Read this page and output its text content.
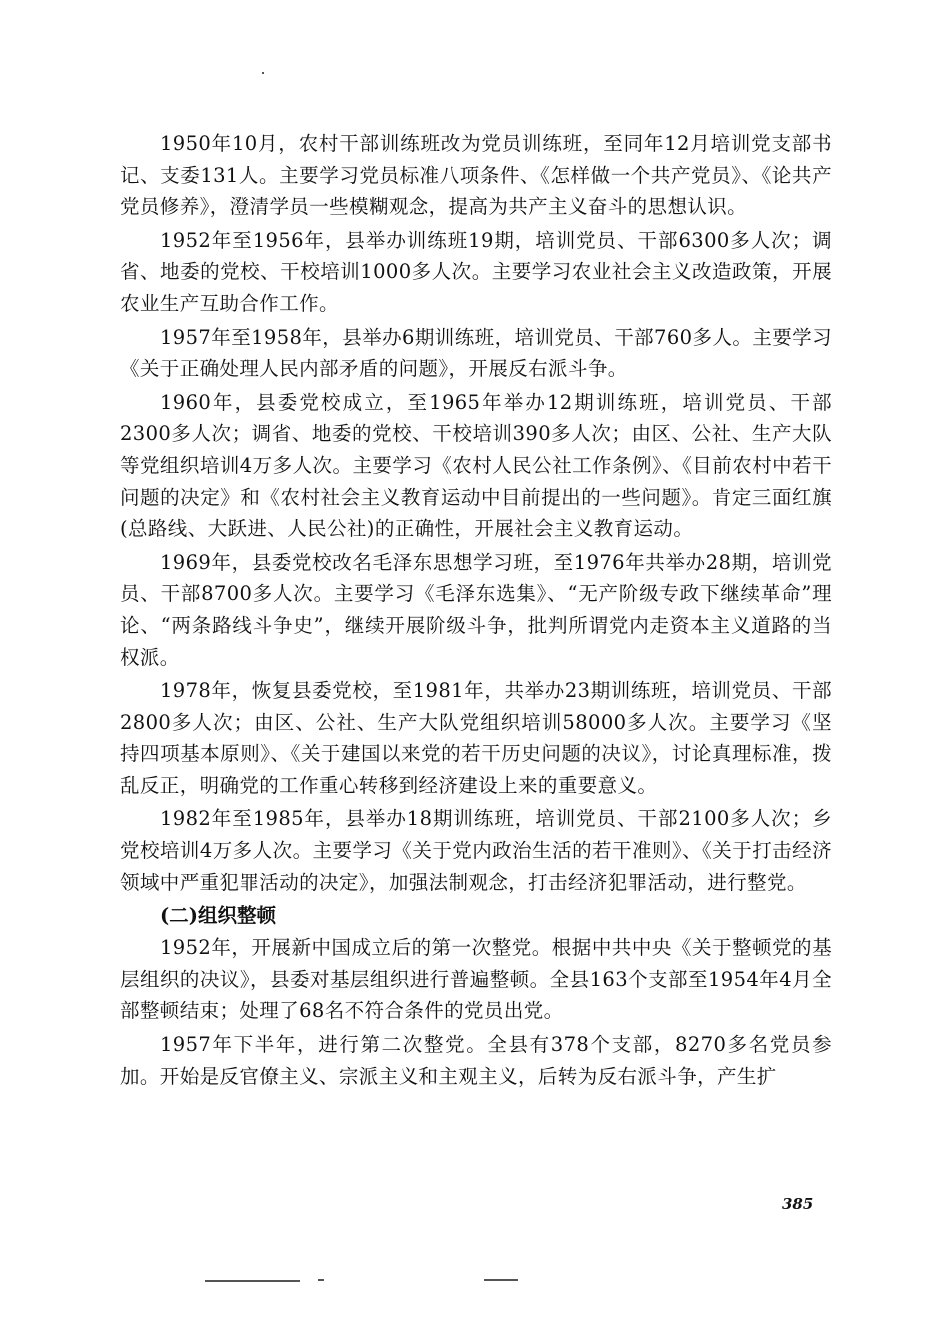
1950年10月，农村干部训练班改为党员训练班，至同年12月培训党支部书记、支委131人。主要学习党员标准八项条件、《怎样做一个共产党员》、《论共产党员修养》，澄清学员一些模糊观念，提高为共产主义奋斗的思想认识。

1952年至1956年，县举办训练班19期，培训党员、干部6300多人次；调省、地委的党校、干校培训1000多人次。主要学习农业社会主义改造政策，开展农业生产互助合作工作。

1957年至1958年，县举办6期训练班，培训党员、干部760多人。主要学习《关于正确处理人民内部矛盾的问题》，开展反右派斗争。

1960年，县委党校成立，至1965年举办12期训练班，培训党员、干部2300多人次；调省、地委的党校、干校培训390多人次；由区、公社、生产大队等党组织培训4万多人次。主要学习《农村人民公社工作条例》、《目前农村中若干问题的决定》和《农村社会主义教育运动中目前提出的一些问题》。肯定三面红旗(总路线、大跃进、人民公社)的正确性，开展社会主义教育运动。

1969年，县委党校改名毛泽东思想学习班，至1976年共举办28期，培训党员、干部8700多人次。主要学习《毛泽东选集》、“无产阶级专政下继续革命”理论、“两条路线斗争史”，继续开展阶级斗争，批判所谓党内走资本主义道路的当权派。

1978年，恢复县委党校，至1981年，共举办23期训练班，培训党员、干部2800多人次；由区、公社、生产大队党组织培训58000多人次。主要学习《坚持四项基本原则》、《关于建国以来党的若干历史问题的决议》，讨论真理标准，拨乱反正，明确党的工作重心转移到经济建设上来的重要意义。

1982年至1985年，县举办18期训练班，培训党员、干部2100多人次；乡党校培训4万多人次。主要学习《关于党内政治生活的若干准则》、《关于打击经济领域中严重犯罪活动的决定》，加强法制观念，打击经济犯罪活动，进行整党。

(二)组织整顿

1952年，开展新中国成立后的第一次整党。根据中共中央《关于整顿党的基层组织的决议》，县委对基层组织进行普遍整顿。全县163个支部至1954年4月全部整顿结束；处理了68名不符合条件的党员出党。

1957年下半年，进行第二次整党。全县有378个支部，8270多名党员参加。开始是反官僚主义、宗派主义和主观主义，后转为反右派斗争，产生扩

385
